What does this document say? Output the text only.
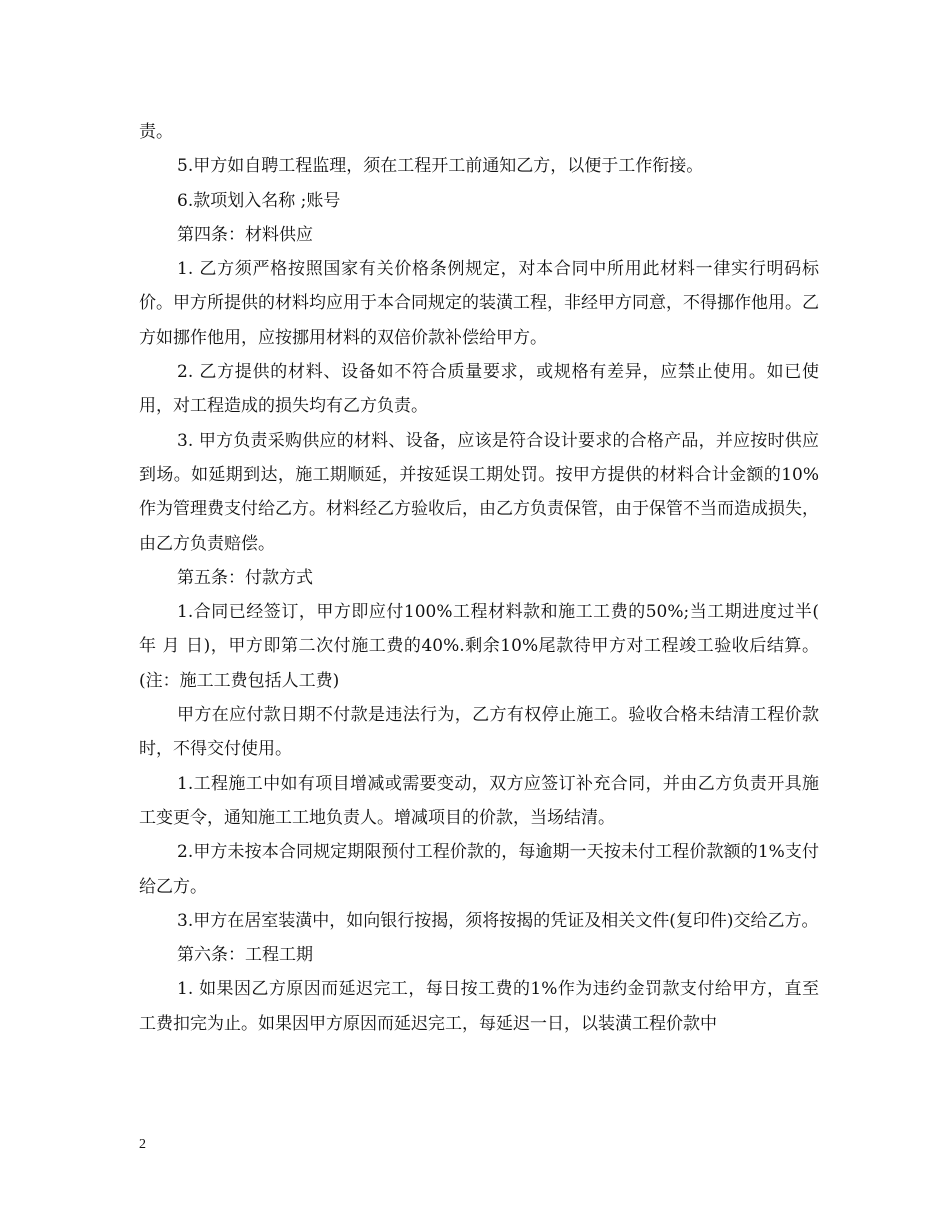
责。

5.甲方如自聘工程监理，须在工程开工前通知乙方，以便于工作衔接。

6.款项划入名称 ;账号

第四条：材料供应

1. 乙方须严格按照国家有关价格条例规定，对本合同中所用此材料一律实行明码标价。甲方所提供的材料均应用于本合同规定的装潢工程，非经甲方同意，不得挪作他用。乙方如挪作他用，应按挪用材料的双倍价款补偿给甲方。

2. 乙方提供的材料、设备如不符合质量要求，或规格有差异，应禁止使用。如已使用，对工程造成的损失均有乙方负责。

3. 甲方负责采购供应的材料、设备，应该是符合设计要求的合格产品，并应按时供应到场。如延期到达，施工期顺延，并按延误工期处罚。按甲方提供的材料合计金额的10%作为管理费支付给乙方。材料经乙方验收后，由乙方负责保管，由于保管不当而造成损失，由乙方负责赔偿。

第五条：付款方式

1.合同已经签订，甲方即应付100%工程材料款和施工工费的50%;当工期进度过半( 年 月 日)，甲方即第二次付施工费的40%.剩余10%尾款待甲方对工程竣工验收后结算。(注：施工工费包括人工费)

甲方在应付款日期不付款是违法行为，乙方有权停止施工。验收合格未结清工程价款时，不得交付使用。

1.工程施工中如有项目增减或需要变动，双方应签订补充合同，并由乙方负责开具施工变更令，通知施工工地负责人。增减项目的价款，当场结清。

2.甲方未按本合同规定期限预付工程价款的，每逾期一天按未付工程价款额的1%支付给乙方。

3.甲方在居室装潢中，如向银行按揭，须将按揭的凭证及相关文件(复印件)交给乙方。

第六条：工程工期

1. 如果因乙方原因而延迟完工，每日按工费的1%作为违约金罚款支付给甲方，直至工费扣完为止。如果因甲方原因而延迟完工，每延迟一日，以装潢工程价款中

2
